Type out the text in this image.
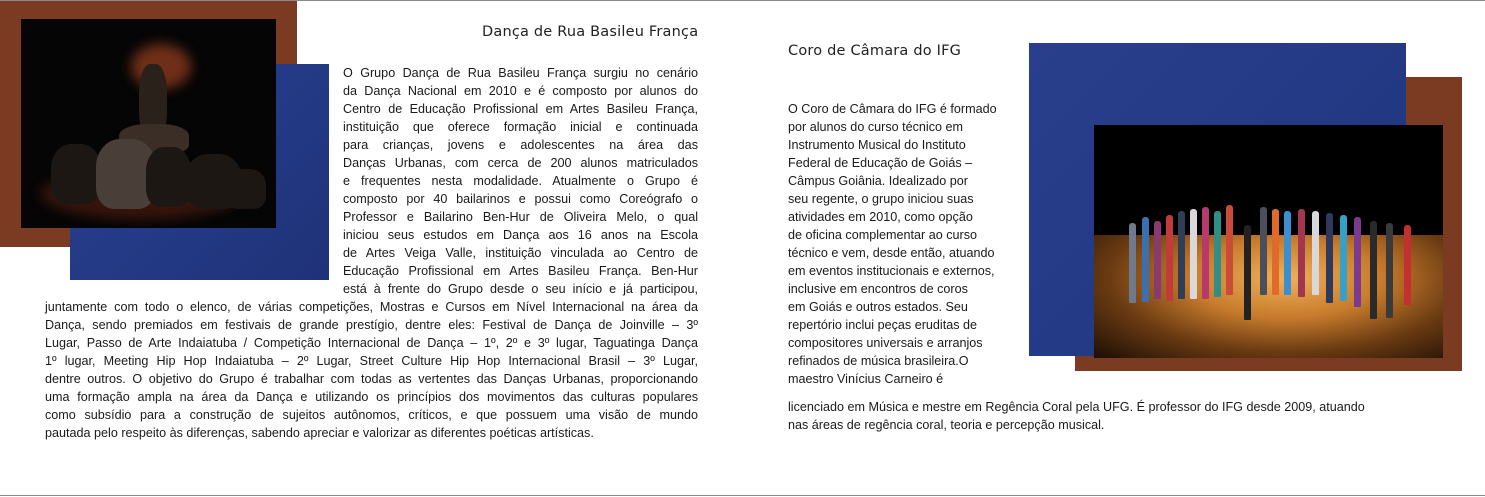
Dança de Rua Basileu França
O Grupo Dança de Rua Basileu França surgiu no cenário
da Dança Nacional em 2010 e é composto por alunos do
Centro de Educação Profissional em Artes Basileu França,
instituição que oferece formação inicial e continuada
para crianças, jovens e adolescentes na área das
Danças Urbanas, com cerca de 200 alunos matriculados
e frequentes nesta modalidade. Atualmente o Grupo é
composto por 40 bailarinos e possui como Coreógrafo o
Professor e Bailarino Ben-Hur de Oliveira Melo, o qual
iniciou seus estudos em Dança aos 16 anos na Escola
de Artes Veiga Valle, instituição vinculada ao Centro de
Educação Profissional em Artes Basileu França. Ben-Hur
está à frente do Grupo desde o seu início e já participou,
juntamente com todo o elenco, de várias competições, Mostras e Cursos em Nível Internacional na área da
Dança, sendo premiados em festivais de grande prestígio, dentre eles: Festival de Dança de Joinville – 3º
Lugar, Passo de Arte Indaiatuba / Competição Internacional de Dança – 1º, 2º e 3º lugar, Taguatinga Dança
1º lugar, Meeting Hip Hop Indaiatuba – 2º Lugar, Street Culture Hip Hop Internacional Brasil – 3º Lugar,
dentre outros. O objetivo do Grupo é trabalhar com todas as vertentes das Danças Urbanas, proporcionando
uma formação ampla na área da Dança e utilizando os princípios dos movimentos das culturas populares
como subsídio para a construção de sujeitos autônomos, críticos, e que possuem uma visão de mundo
pautada pelo respeito às diferenças, sabendo apreciar e valorizar as diferentes poéticas artísticas.
Coro de Câmara do IFG
O Coro de Câmara do IFG é formado
por alunos do curso técnico em
Instrumento Musical do Instituto
Federal de Educação de Goiás –
Câmpus Goiânia. Idealizado por
seu regente, o grupo iniciou suas
atividades em 2010, como opção
de oficina complementar ao curso
técnico e vem, desde então, atuando
em eventos institucionais e externos,
inclusive em encontros de coros
em Goiás e outros estados. Seu
repertório inclui peças eruditas de
compositores universais e arranjos
refinados de música brasileira.O
maestro Vinícius Carneiro é
licenciado em Música e mestre em Regência Coral pela UFG. É professor do IFG desde 2009, atuando
nas áreas de regência coral, teoria e percepção musical.
